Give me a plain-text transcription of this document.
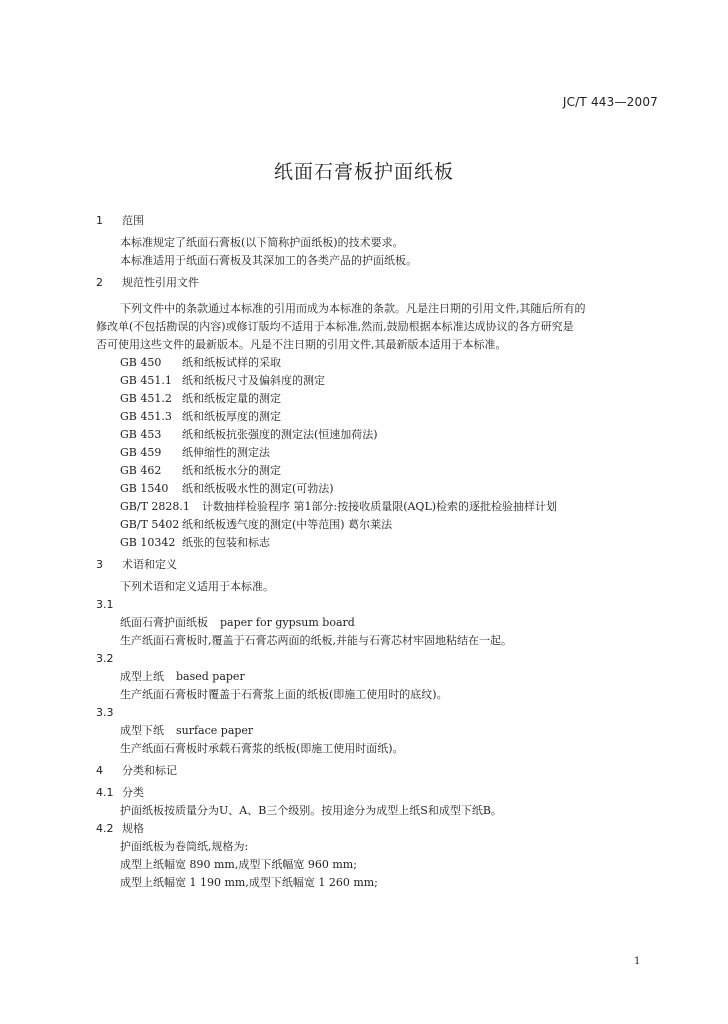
JC/T 443—2007
纸面石膏板护面纸板
1 范围
本标准规定了纸面石膏板(以下简称护面纸板)的技术要求。
本标准适用于纸面石膏板及其深加工的各类产品的护面纸板。
2 规范性引用文件
下列文件中的条款通过本标准的引用而成为本标准的条款。凡是注日期的引用文件,其随后所有的
修改单(不包括勘误的内容)或修订版均不适用于本标准,然而,鼓励根据本标准达成协议的各方研究是
否可使用这些文件的最新版本。凡是不注日期的引用文件,其最新版本适用于本标准。
GB 450 纸和纸板试样的采取
GB 451.1 纸和纸板尺寸及偏斜度的测定
GB 451.2 纸和纸板定量的测定
GB 451.3 纸和纸板厚度的测定
GB 453 纸和纸板抗张强度的测定法(恒速加荷法)
GB 459 纸伸缩性的测定法
GB 462 纸和纸板水分的测定
GB 1540 纸和纸板吸水性的测定(可勃法)
GB/T 2828.1 计数抽样检验程序 第1部分:按接收质量限(AQL)检索的逐批检验抽样计划
GB/T 5402 纸和纸板透气度的测定(中等范围) 葛尔莱法
GB 10342 纸张的包装和标志
3 术语和定义
下列术语和定义适用于本标准。
3.1
纸面石膏护面纸板 paper for gypsum board
生产纸面石膏板时,覆盖于石膏芯两面的纸板,并能与石膏芯材牢固地粘结在一起。
3.2
成型上纸 based paper
生产纸面石膏板时覆盖于石膏浆上面的纸板(即施工使用时的底纹)。
3.3
成型下纸 surface paper
生产纸面石膏板时承载石膏浆的纸板(即施工使用时面纸)。
4 分类和标记
4.1 分类
护面纸板按质量分为U、A、B三个级别。按用途分为成型上纸S和成型下纸B。
4.2 规格
护面纸板为卷筒纸,规格为:
成型上纸幅宽 890 mm,成型下纸幅宽 960 mm;
成型上纸幅宽 1 190 mm,成型下纸幅宽 1 260 mm;
1
